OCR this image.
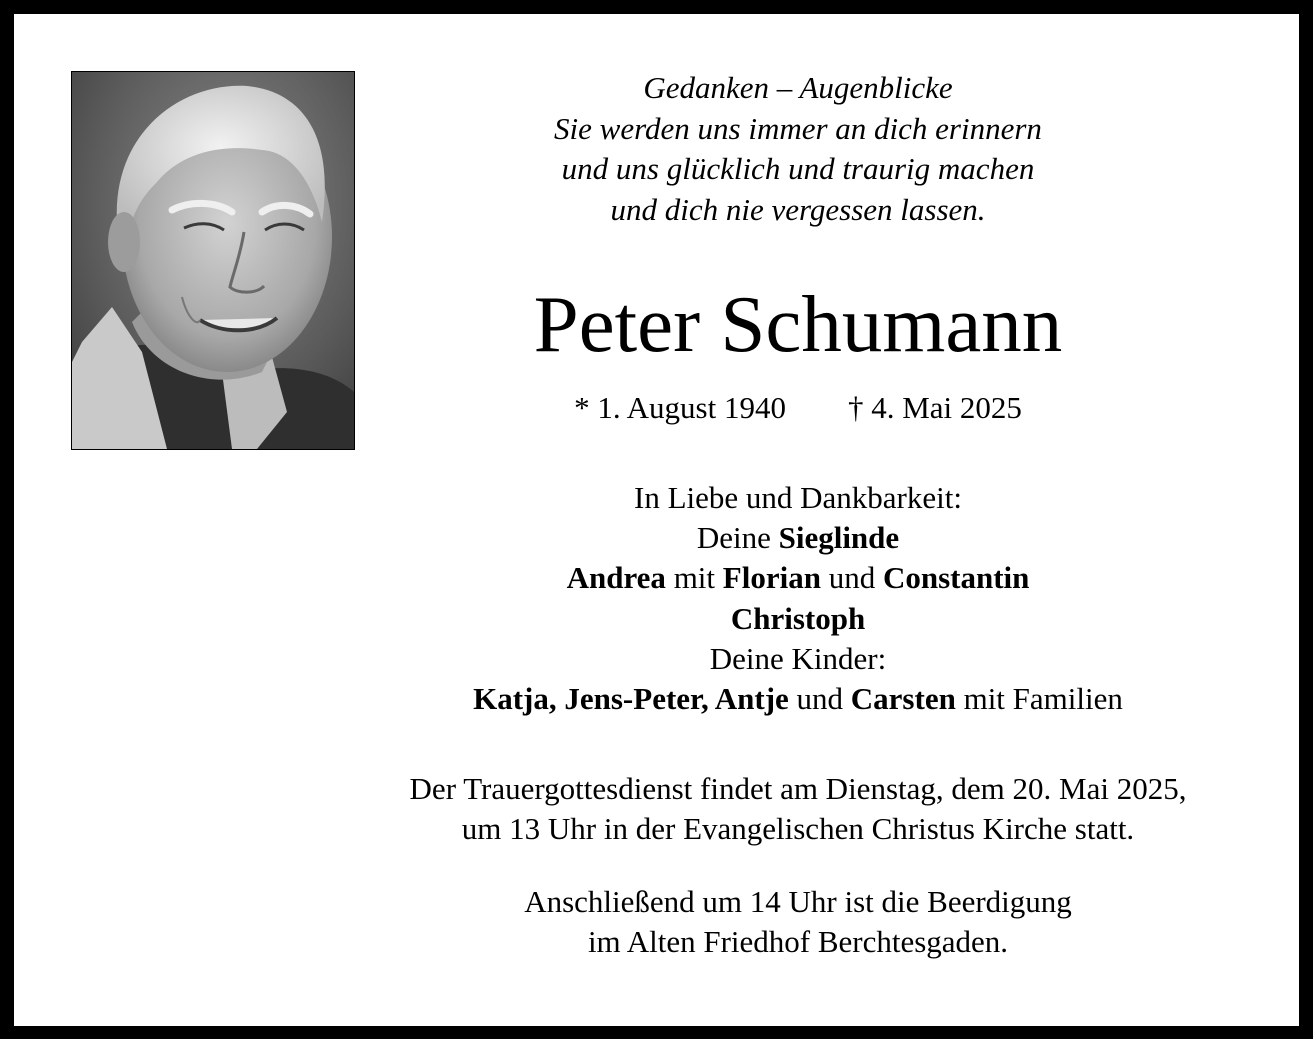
Gedanken – Augenblicke
Sie werden uns immer an dich erinnern
und uns glücklich und traurig machen
und dich nie vergessen lassen.
Peter Schumann
* 1. August 1940 † 4. Mai 2025
In Liebe und Dankbarkeit:
Deine Sieglinde
Andrea mit Florian und Constantin
Christoph
Deine Kinder:
Katja, Jens-Peter, Antje und Carsten mit Familien
Der Trauergottesdienst findet am Dienstag, dem 20. Mai 2025,
um 13 Uhr in der Evangelischen Christus Kirche statt.
Anschließend um 14 Uhr ist die Beerdigung
im Alten Friedhof Berchtesgaden.
